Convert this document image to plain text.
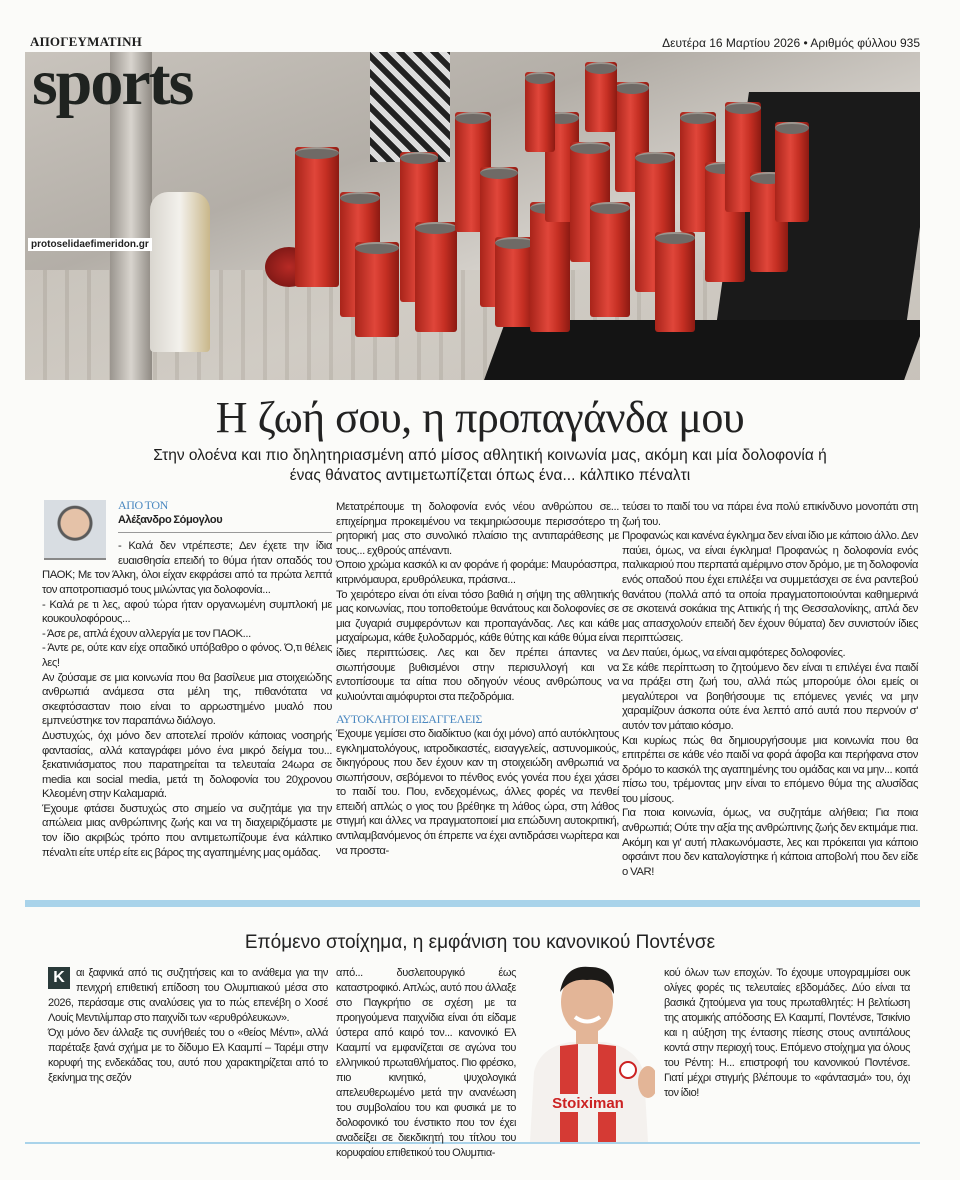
ΑΠΟΓΕΥΜΑΤΙΝΗ	Δευτέρα 16 Μαρτίου 2026 • Αριθμός φύλλου 935
sports
protoselidaefimeridon.gr
Η ζωή σου, η προπαγάνδα μου
Στην ολοένα και πιο δηλητηριασμένη από μίσος αθλητική κοινωνία μας, ακόμη και μία δολοφονία ή ένας θάνατος αντιμετωπίζεται όπως ένα... κάλπικο πέναλτι
ΑΠΟ ΤΟΝ
Αλέξανδρο Σόμογλου

- Καλά δεν ντρέπεστε; Δεν έχετε την ίδια ευαισθησία επειδή το θύμα ήταν οπαδός του ΠΑΟΚ; Με τον Άλκη, όλοι είχαν εκφράσει από τα πρώτα λεπτά τον αποτροπιασμό τους μιλώντας για δολοφονία...

- Καλά ρε τι λες, αφού τώρα ήταν οργανωμένη συμπλοκή με κουκουλοφόρους...

- Άσε ρε, απλά έχουν αλλεργία με τον ΠΑΟΚ...

- Άντε ρε, ούτε καν είχε οπαδικό υπόβαθρο ο φόνος. Ό,τι θέλεις λες!

Αν ζούσαμε σε μια κοινωνία που θα βασίλευε μια στοιχειώδης ανθρωπιά ανάμεσα στα μέλη της, πιθανότατα να σκεφτόσασταν ποιο είναι το αρρωστημένο μυαλό που εμπνεύστηκε τον παραπάνω διάλογο.

Δυστυχώς, όχι μόνο δεν αποτελεί προϊόν κάποιας νοσηρής φαντασίας, αλλά καταγράφει μόνο ένα μικρό δείγμα του... ξεκατινιάσματος που παρατηρείται τα τελευταία 24ωρα σε media και social media, μετά τη δολοφονία του 20χρονου Κλεομένη στην Καλαμαριά.

Έχουμε φτάσει δυστυχώς στο σημείο να συζητάμε για την απώλεια μιας ανθρώπινης ζωής και να τη διαχειριζόμαστε με τον ίδιο ακριβώς τρόπο που αντιμετωπίζουμε ένα κάλπικο πέναλτι είτε υπέρ είτε εις βάρος της αγαπημένης μας ομάδας.

Μετατρέπουμε τη δολοφονία ενός νέου ανθρώπου σε... επιχείρημα προκειμένου να τεκμηριώσουμε περισσότερο τη ρητορική μας στο συνολικό πλαίσιο της αντιπαράθεσης με τους... εχθρούς απέναντι.

Όποιο χρώμα κασκόλ κι αν φοράνε ή φοράμε: Μαυρόασπρα, κιτρινόμαυρα, ερυθρόλευκα, πράσινα...

Το χειρότερο είναι ότι είναι τόσο βαθιά η σήψη της αθλητικής μας κοινωνίας, που τοποθετούμε θανάτους και δολοφονίες σε μια ζυγαριά συμφερόντων και προπαγάνδας. Λες και κάθε μαχαίρωμα, κάθε ξυλοδαρμός, κάθε θύτης και κάθε θύμα είναι ίδιες περιπτώσεις. Λες και δεν πρέπει άπαντες να σιωπήσουμε βυθισμένοι στην περισυλλογή και να εντοπίσουμε τα αίτια που οδηγούν νέους ανθρώπους να κυλιούνται αιμόφυρτοι στα πεζοδρόμια.

ΑΥΤΟΚΛΗΤΟΙ ΕΙΣΑΓΓΕΛΕΙΣ

Έχουμε γεμίσει στο διαδίκτυο (και όχι μόνο) από αυτόκλητους εγκληματολόγους, ιατροδικαστές, εισαγγελείς, αστυνομικούς, δικηγόρους που δεν έχουν καν τη στοιχειώδη ανθρωπιά να σιωπήσουν, σεβόμενοι το πένθος ενός γονέα που έχει χάσει το παιδί του. Που, ενδεχομένως, άλλες φορές να πενθεί επειδή απλώς ο γιος του βρέθηκε τη λάθος ώρα, στη λάθος στιγμή και άλλες να πραγματοποιεί μια επώδυνη αυτοκριτική, αντιλαμβανόμενος ότι έπρεπε να έχει αντιδράσει νωρίτερα και να προστα-

τεύσει το παιδί του να πάρει ένα πολύ επικίνδυνο μονοπάτι στη ζωή του.

Προφανώς και κανένα έγκλημα δεν είναι ίδιο με κάποιο άλλο. Δεν παύει, όμως, να είναι έγκλημα! Προφανώς η δολοφονία ενός παλικαριού που περπατά αμέριμνο στον δρόμο, με τη δολοφονία ενός οπαδού που έχει επιλέξει να συμμετάσχει σε ένα ραντεβού θανάτου (πολλά από τα οποία πραγματοποιούνται καθημερινά σε σκοτεινά σοκάκια της Αττικής ή της Θεσσαλονίκης, απλά δεν μας απασχολούν επειδή δεν έχουν θύματα) δεν συνιστούν ίδιες περιπτώσεις.

Δεν παύει, όμως, να είναι αμφότερες δολοφονίες.

Σε κάθε περίπτωση το ζητούμενο δεν είναι τι επιλέγει ένα παιδί να πράξει στη ζωή του, αλλά πώς μπορούμε όλοι εμείς οι μεγαλύτεροι να βοηθήσουμε τις επόμενες γενιές να μην χαραμίζουν άσκοπα ούτε ένα λεπτό από αυτά που περνούν σ' αυτόν τον μάταιο κόσμο.

Και κυρίως πώς θα δημιουργήσουμε μια κοινωνία που θα επιτρέπει σε κάθε νέο παιδί να φορά άφοβα και περήφανα στον δρόμο το κασκόλ της αγαπημένης του ομάδας και να μην... κοιτά πίσω του, τρέμοντας μην είναι το επόμενο θύμα της αλυσίδας του μίσους.

Για ποια κοινωνία, όμως, να συζητάμε αλήθεια; Για ποια ανθρωπιά; Ούτε την αξία της ανθρώπινης ζωής δεν εκτιμάμε πια. Ακόμη και γι' αυτή πλακωνόμαστε, λες και πρόκειται για κάποιο οφσάιντ που δεν καταλογίστηκε ή κάποια αποβολή που δεν είδε ο VAR!

Επόμενο στοίχημα, η εμφάνιση του κανονικού Ποντένσε
Κ	αι ξαφνικά από τις συζητήσεις και το ανάθεμα για την πενιχρή επιθετική επίδοση του Ολυμπιακού μέσα στο 2026, περάσαμε στις αναλύσεις για το πώς επενέβη ο Χοσέ Λουίς Μεντιλίμπαρ στο παιχνίδι των «ερυθρόλευκων».

Όχι μόνο δεν άλλαξε τις συνήθειές του ο «θείος Μέντι», αλλά παρέταξε ξανά σχήμα με το δίδυμο Ελ Κααμπί – Ταρέμι στην κορυφή της ενδεκάδας του, αυτό που χαρακτηρίζεται από το ξεκίνημα της σεζόν

από... δυσλειτουργικό έως καταστροφικό. Απλώς, αυτό που άλλαξε στο Παγκρήτιο σε σχέση με τα προηγούμενα παιχνίδια είναι ότι είδαμε ύστερα από καιρό τον... κανονικό Ελ Κααμπί να εμφανίζεται σε αγώνα του ελληνικού πρωταθλήματος. Πιο φρέσκο, πιο κινητικό, ψυχολογικά απελευθερωμένο μετά την ανανέωση του συμβολαίου του και φυσικά με το δολοφονικό του ένστικτο που τον έχει αναδείξει σε διεκδικητή του τίτλου του κορυφαίου επιθετικού του Ολυμπια-

Stoiximan

κού όλων των εποχών. Το έχουμε υπογραμμίσει ουκ ολίγες φορές τις τελευταίες εβδομάδες. Δύο είναι τα βασικά ζητούμενα για τους πρωταθλητές: Η βελτίωση της ατομικής απόδοσης Ελ Κααμπί, Ποντένσε, Τσικίνιο και η αύξηση της έντασης πίεσης στους αντιπάλους κοντά στην περιοχή τους. Επόμενο στοίχημα για όλους του Ρέντη: Η... επιστροφή του κανονικού Ποντένσε. Γιατί μέχρι στιγμής βλέπουμε το «φάντασμά» του, όχι τον ίδιο!
